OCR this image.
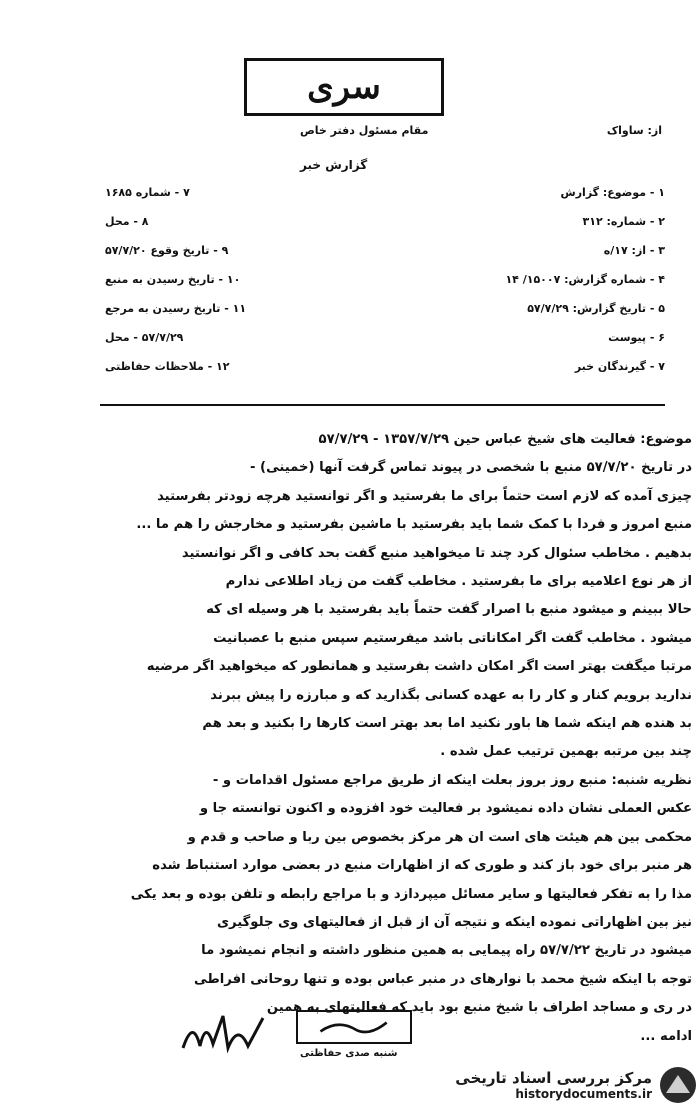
سری
از: ساواک
مقام مسئول دفتر خاص
گزارش خبر
۱ - موضوع: گزارش
۷ - شماره ۱۶۸۵
۲ - شماره: ۳۱۲
۸ - محل
۳ - از: ۱۷/ه
۹ - تاریخ وقوع ۵۷/۷/۲۰
۴ - شماره گزارش: ۱۵۰۰۷/ ۱۴
۱۰ - تاریخ رسیدن به منبع
۵ - تاریخ گزارش: ۵۷/۷/۲۹
۱۱ - تاریخ رسیدن به مرجع
۶ - پیوست
۵۷/۷/۲۹ - محل
۷ - گیرندگان خبر
۱۲ - ملاحظات حفاظتی

موضوع: فعالیت های شیخ عباس حین ۱۳۵۷/۷/۲۹ - ۵۷/۷/۲۹

در تاریخ ۵۷/۷/۲۰ منبع با شخصی در پیوند تماس گرفت آنها (خمینی) -

چیزی آمده که لازم است حتماً برای ما بفرستید و اگر توانستید هرچه زودتر بفرستید

منبع امروز و فردا با کمک شما باید بفرستید با ماشین بفرستید و مخارجش را هم ما ...

بدهیم . مخاطب سئوال کرد چند تا میخواهید منبع گفت بحد کافی و اگر نوانستید

از هر نوع اعلامیه برای ما بفرستید . مخاطب گفت من زیاد اطلاعی ندارم

حالا ببینم و میشود منبع با اصرار گفت حتماً باید بفرستید با هر وسیله ای که

میشود . مخاطب گفت اگر امکاناتی باشد میفرستیم سپس منبع با عصبانیت

مرتبا میگفت بهتر است اگر امکان داشت بفرستید و همانطور که میخواهید اگر مرضیه

ندارید برویم کنار و کار را به عهده کسانی بگذارید که و مبارزه را پیش ببرند

بد هنده هم اینکه شما ها باور نکنید اما بعد بهتر است کارها را بکنید و بعد هم

چند بین مرتبه بهمین ترتیب عمل شده .

نظریه شنبه: منبع روز بروز بعلت اینکه از طریق مراجع مسئول اقدامات و -

عکس العملی نشان داده نمیشود بر فعالیت خود افزوده و اکنون توانسته جا و

محکمی بین هم هیئت های است ان هر مرکز بخصوص بین ربا و صاحب و قدم و

هر منبر برای خود باز کند و طوری که از اظهارات منبع در بعضی موارد استنباط شده

مذا را به تفکر فعالیتها و سایر مسائل میپردازد و با مراجع رابطه و تلفن بوده و بعد یکی

نیز بین اظهاراتی نموده اینکه و نتیجه آن از قبل از فعالیتهای وی جلوگیری

میشود در تاریخ ۵۷/۷/۲۲ راه پیمایی به همین منظور داشته و انجام نمیشود ما

توجه با اینکه شیخ محمد با نوارهای در منبر عباس بوده و تنها روحانی افراطی

در ری و مساجد اطراف با شیخ منبع بود باید که فعالیتهای به همین

ادامه ...

شنبه صدی حفاظتی
مرکز بررسی اسناد تاریخی
historydocuments.ir
